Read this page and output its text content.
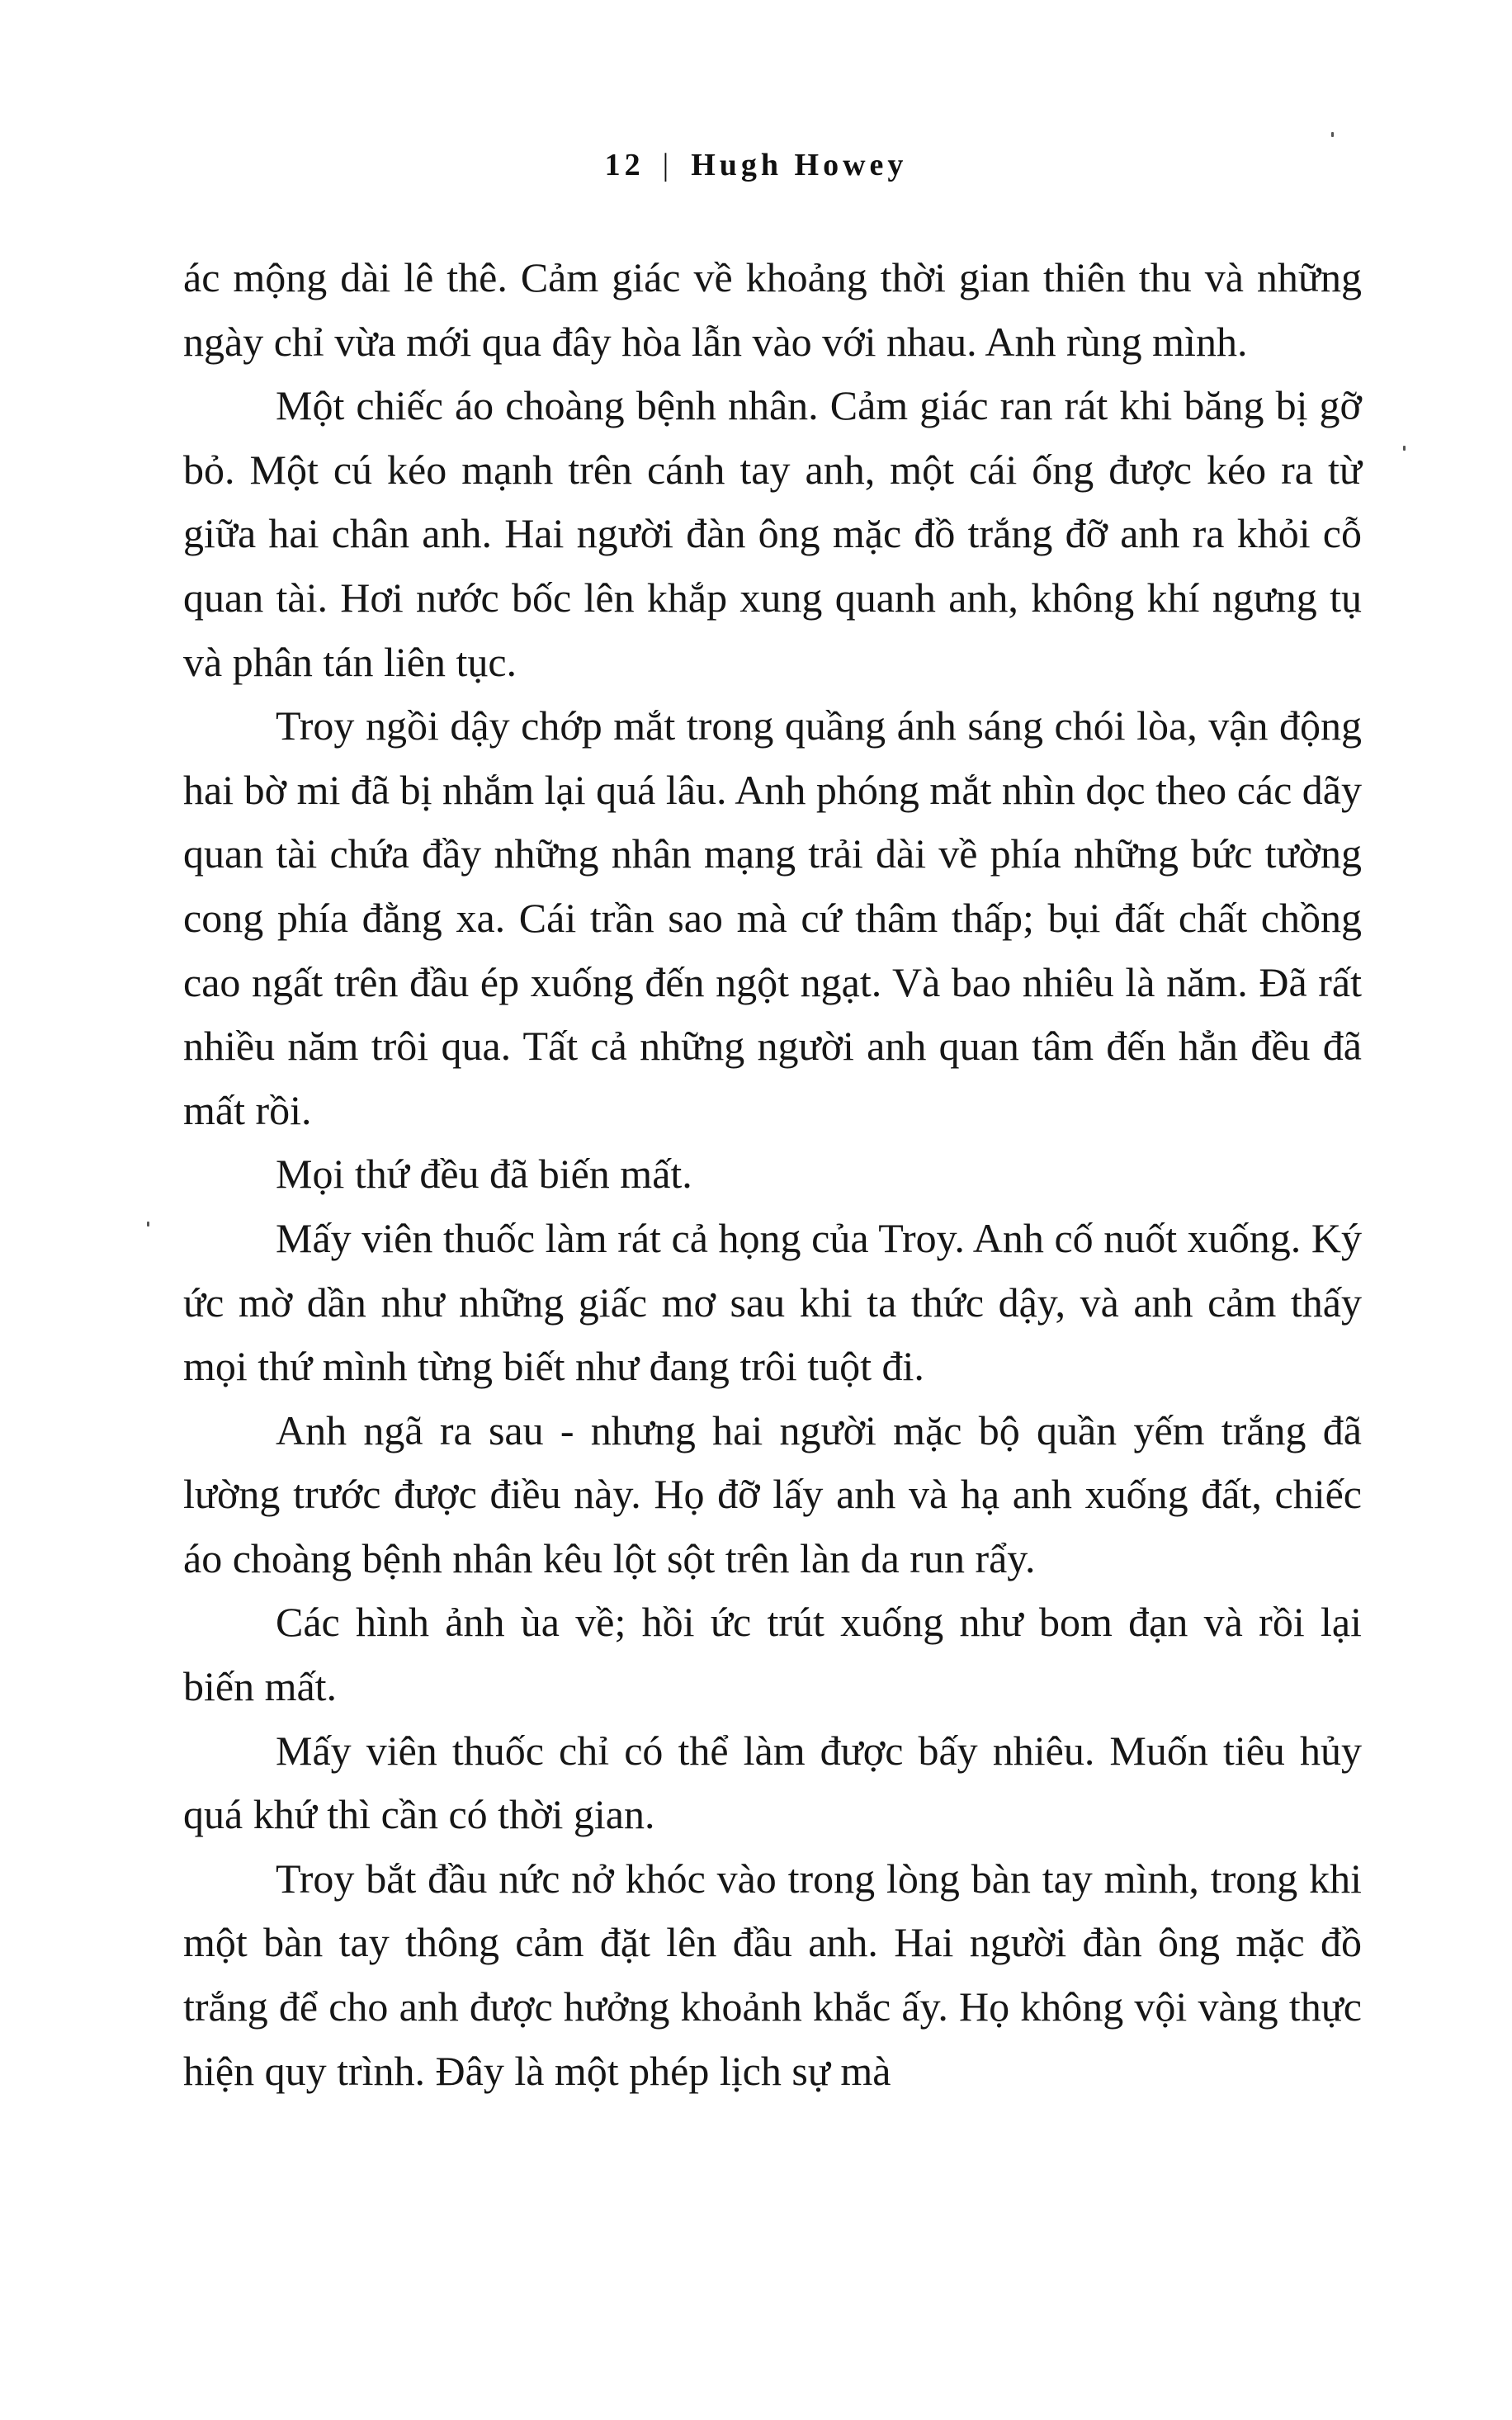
12 | Hugh Howey

ác mộng dài lê thê. Cảm giác về khoảng thời gian thiên thu và những ngày chỉ vừa mới qua đây hòa lẫn vào với nhau. Anh rùng mình.

Một chiếc áo choàng bệnh nhân. Cảm giác ran rát khi băng bị gỡ bỏ. Một cú kéo mạnh trên cánh tay anh, một cái ống được kéo ra từ giữa hai chân anh. Hai người đàn ông mặc đồ trắng đỡ anh ra khỏi cỗ quan tài. Hơi nước bốc lên khắp xung quanh anh, không khí ngưng tụ và phân tán liên tục.

Troy ngồi dậy chớp mắt trong quầng ánh sáng chói lòa, vận động hai bờ mi đã bị nhắm lại quá lâu. Anh phóng mắt nhìn dọc theo các dãy quan tài chứa đầy những nhân mạng trải dài về phía những bức tường cong phía đằng xa. Cái trần sao mà cứ thâm thấp; bụi đất chất chồng cao ngất trên đầu ép xuống đến ngột ngạt. Và bao nhiêu là năm. Đã rất nhiều năm trôi qua. Tất cả những người anh quan tâm đến hẳn đều đã mất rồi.

Mọi thứ đều đã biến mất.

Mấy viên thuốc làm rát cả họng của Troy. Anh cố nuốt xuống. Ký ức mờ dần như những giấc mơ sau khi ta thức dậy, và anh cảm thấy mọi thứ mình từng biết như đang trôi tuột đi.

Anh ngã ra sau - nhưng hai người mặc bộ quần yếm trắng đã lường trước được điều này. Họ đỡ lấy anh và hạ anh xuống đất, chiếc áo choàng bệnh nhân kêu lột sột trên làn da run rẩy.

Các hình ảnh ùa về; hồi ức trút xuống như bom đạn và rồi lại biến mất.

Mấy viên thuốc chỉ có thể làm được bấy nhiêu. Muốn tiêu hủy quá khứ thì cần có thời gian.

Troy bắt đầu nức nở khóc vào trong lòng bàn tay mình, trong khi một bàn tay thông cảm đặt lên đầu anh. Hai người đàn ông mặc đồ trắng để cho anh được hưởng khoảnh khắc ấy. Họ không vội vàng thực hiện quy trình. Đây là một phép lịch sự mà
